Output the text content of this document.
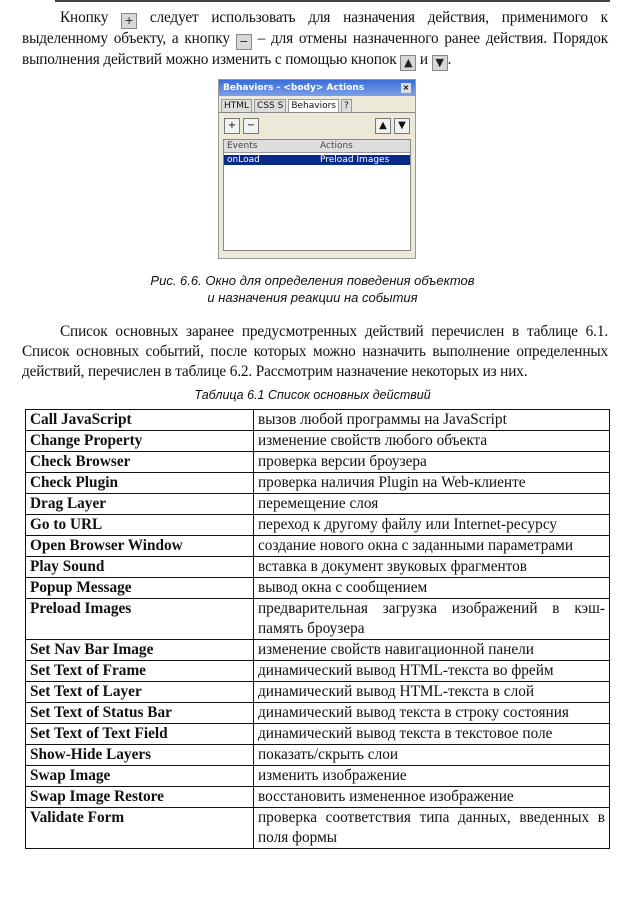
Кнопку + следует использовать для назначения действия, применимого к выделенному объекту, а кнопку − – для отмены назначенного ранее действия. Порядок выполнения действий можно изменить с помощью кнопок ▲ и ▼ .
Behaviors - <body> Actions	×
HTML CSS S Behaviors ?
+	−	▲	▼
Events	Actions
onLoad	Preload Images
Рис. 6.6. Окно для определения поведения объектов
и назначения реакции на события
Список основных заранее предусмотренных действий перечислен в таблице 6.1. Список основных событий, после которых можно назначить выполнение определенных действий, перечислен в таблице 6.2. Рассмотрим назначение некоторых из них.
Таблица 6.1 Список основных действий
Call JavaScript	вызов любой программы на JavaScript
Change Property	изменение свойств любого объекта
Check Browser	проверка версии броузера
Check Plugin	проверка наличия Plugin на Web-клиенте
Drag Layer	перемещение слоя
Go to URL	переход к другому файлу или Internet-ресурсу
Open Browser Window	создание нового окна с заданными параметрами
Play Sound	вставка в документ звуковых фрагментов
Popup Message	вывод окна с сообщением
Preload Images	предварительная загрузка изображений в кэш-память броузера
Set Nav Bar Image	изменение свойств навигационной панели
Set Text of Frame	динамический вывод HTML-текста во фрейм
Set Text of Layer	динамический вывод HTML-текста в слой
Set Text of Status Bar	динамический вывод текста в строку состояния
Set Text of Text Field	динамический вывод текста в текстовое поле
Show-Hide Layers	показать/скрыть слои
Swap Image	изменить изображение
Swap Image Restore	восстановить измененное изображение
Validate Form	проверка соответствия типа данных, введенных в поля формы
